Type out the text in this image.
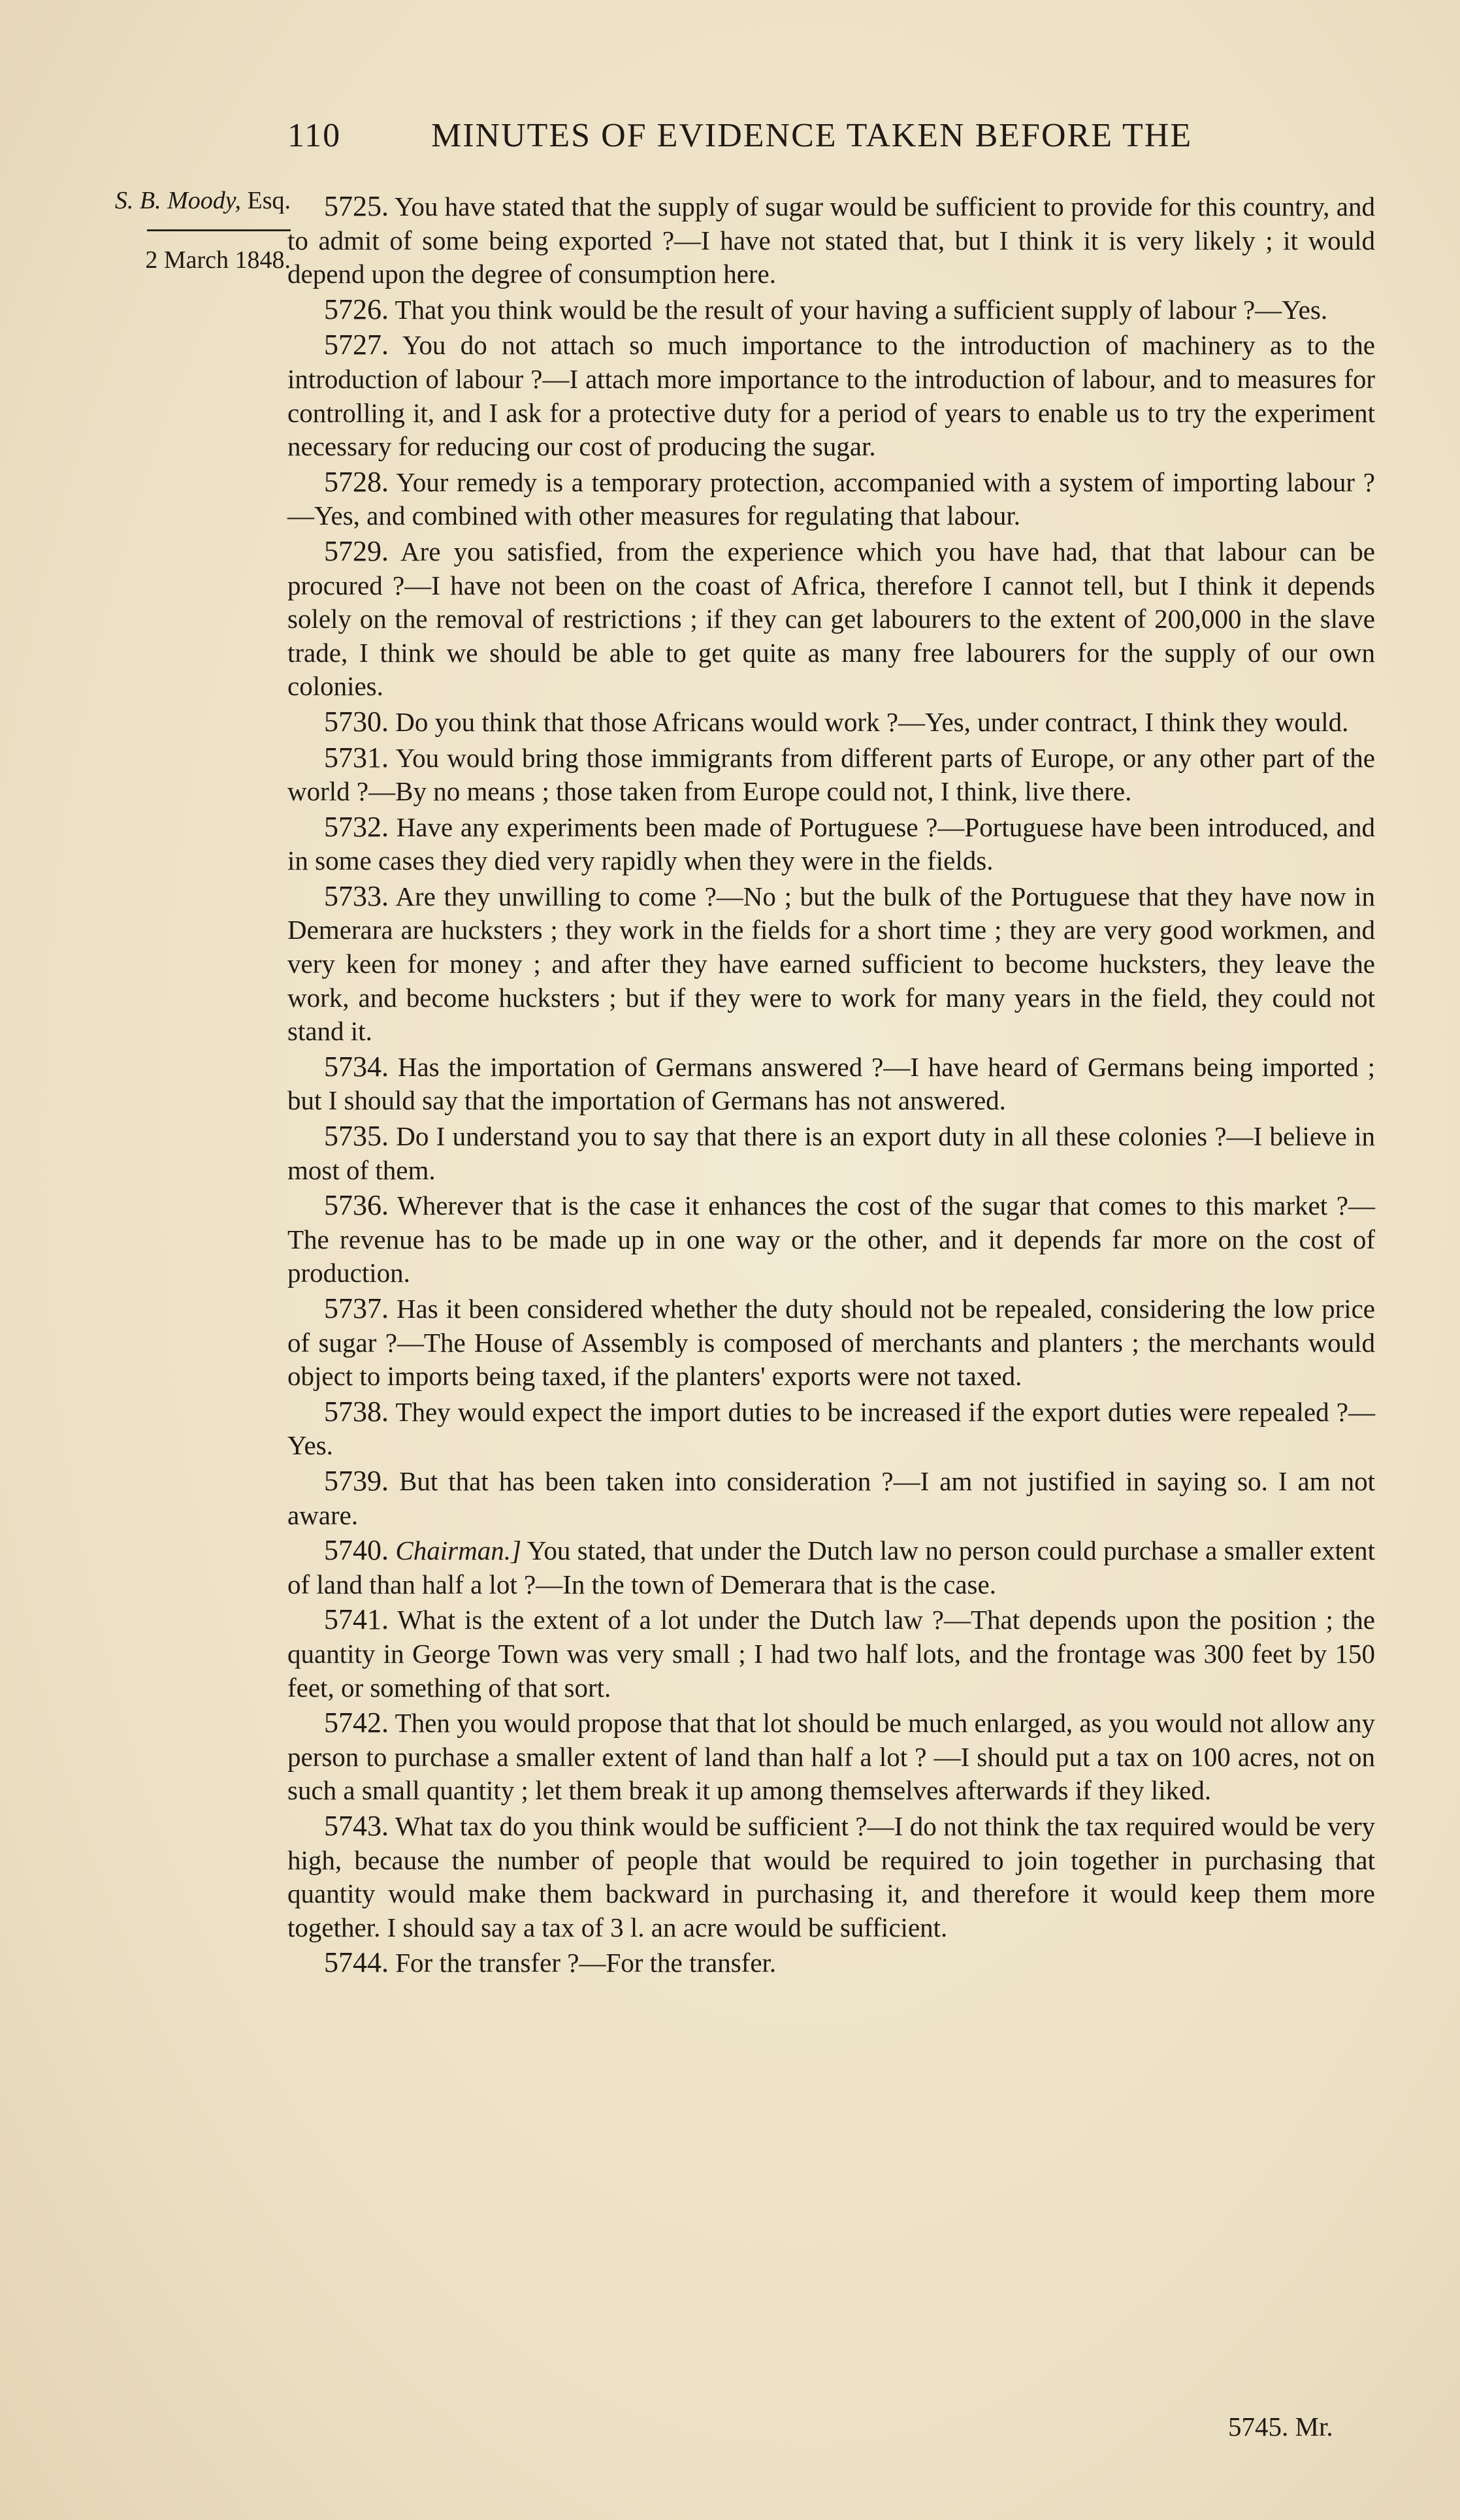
110	MINUTES OF EVIDENCE TAKEN BEFORE THE
S. B. Moody, Esq.
2 March 1848.

5725. You have stated that the supply of sugar would be sufficient to provide for this country, and to admit of some being exported ?—I have not stated that, but I think it is very likely ; it would depend upon the degree of consumption here.

5726. That you think would be the result of your having a sufficient supply of labour ?—Yes.

5727. You do not attach so much importance to the introduction of machinery as to the introduction of labour ?—I attach more importance to the introduction of labour, and to measures for controlling it, and I ask for a protective duty for a period of years to enable us to try the experiment necessary for reducing our cost of producing the sugar.

5728. Your remedy is a temporary protection, accompanied with a system of importing labour ?—Yes, and combined with other measures for regulating that labour.

5729. Are you satisfied, from the experience which you have had, that that labour can be procured ?—I have not been on the coast of Africa, therefore I cannot tell, but I think it depends solely on the removal of restrictions ; if they can get labourers to the extent of 200,000 in the slave trade, I think we should be able to get quite as many free labourers for the supply of our own colonies.

5730. Do you think that those Africans would work ?—Yes, under contract, I think they would.

5731. You would bring those immigrants from different parts of Europe, or any other part of the world ?—By no means ; those taken from Europe could not, I think, live there.

5732. Have any experiments been made of Portuguese ?—Portuguese have been introduced, and in some cases they died very rapidly when they were in the fields.

5733. Are they unwilling to come ?—No ; but the bulk of the Portuguese that they have now in Demerara are hucksters ; they work in the fields for a short time ; they are very good workmen, and very keen for money ; and after they have earned sufficient to become hucksters, they leave the work, and become hucksters ; but if they were to work for many years in the field, they could not stand it.

5734. Has the importation of Germans answered ?—I have heard of Germans being imported ; but I should say that the importation of Germans has not answered.

5735. Do I understand you to say that there is an export duty in all these colonies ?—I believe in most of them.

5736. Wherever that is the case it enhances the cost of the sugar that comes to this market ?—The revenue has to be made up in one way or the other, and it depends far more on the cost of production.

5737. Has it been considered whether the duty should not be repealed, considering the low price of sugar ?—The House of Assembly is composed of merchants and planters ; the merchants would object to imports being taxed, if the planters' exports were not taxed.

5738. They would expect the import duties to be increased if the export duties were repealed ?—Yes.

5739. But that has been taken into consideration ?—I am not justified in saying so. I am not aware.

5740. Chairman.] You stated, that under the Dutch law no person could purchase a smaller extent of land than half a lot ?—In the town of Demerara that is the case.

5741. What is the extent of a lot under the Dutch law ?—That depends upon the position ; the quantity in George Town was very small ; I had two half lots, and the frontage was 300 feet by 150 feet, or something of that sort.

5742. Then you would propose that that lot should be much enlarged, as you would not allow any person to purchase a smaller extent of land than half a lot ? —I should put a tax on 100 acres, not on such a small quantity ; let them break it up among themselves afterwards if they liked.

5743. What tax do you think would be sufficient ?—I do not think the tax required would be very high, because the number of people that would be required to join together in purchasing that quantity would make them backward in purchasing it, and therefore it would keep them more together. I should say a tax of 3 l. an acre would be sufficient.

5744. For the transfer ?—For the transfer.

5745. Mr.
